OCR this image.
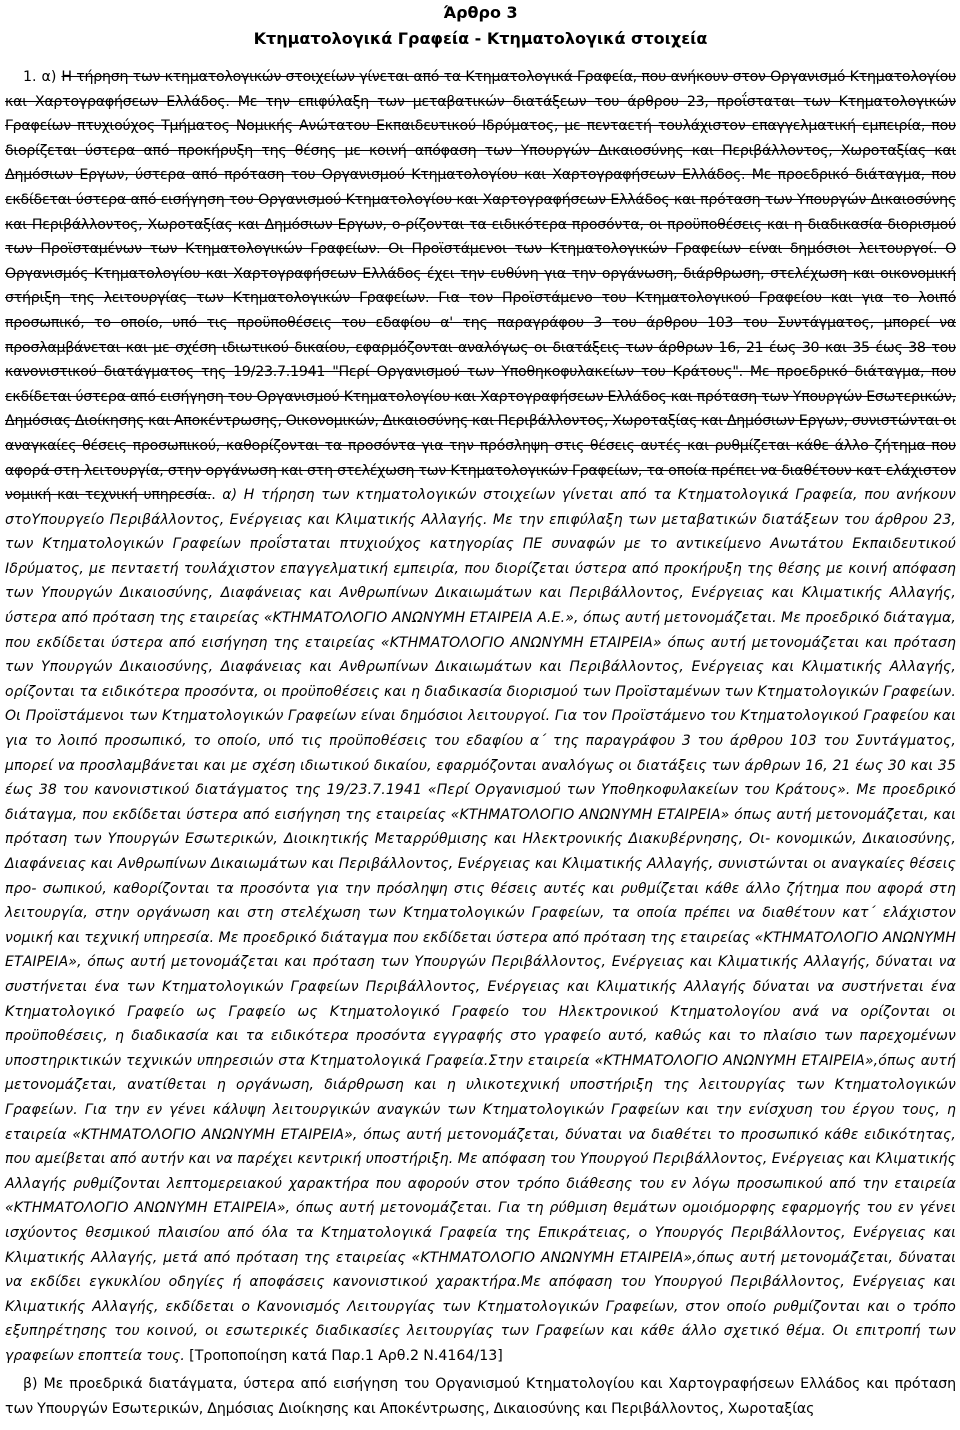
Άρθρο 3
Κτηματολογικά Γραφεία - Κτηματολογικά στοιχεία

1. α) Η τήρηση των κτηματολογικών στοιχείων γίνεται από τα Κτηματολογικά Γραφεία, που ανήκουν στον Οργανισμό Κτηματολογίου και Χαρτογραφήσεων Ελλάδος. Με την επιφύλαξη των μεταβατικών διατάξεων του άρθρου 23, προΐσταται των Κτηματολογικών Γραφείων πτυχιούχος Τμήματος Νομικής Ανώτατου Εκπαιδευτικού Ιδρύματος, με πενταετή τουλάχιστον επαγγελματική εμπειρία, που διορίζεται ύστερα από προκήρυξη της θέσης με κοινή απόφαση των Υπουργών Δικαιοσύνης και Περιβάλλοντος, Χωροταξίας και Δημόσιων Εργων, ύστερα από πρόταση του Οργανισμού Κτηματολογίου και Χαρτογραφήσεων Ελλάδος. Με προεδρικό διάταγμα, που εκδίδεται ύστερα από εισήγηση του Οργανισμού Κτηματολογίου και Χαρτογραφήσεων Ελλάδος και πρόταση των Υπουργών Δικαιοσύνης και Περιβάλλοντος, Χωροταξίας και Δημόσιων Εργων, ο-ρίζονται τα ειδικότερα προσόντα, οι προϋποθέσεις και η διαδικασία διορισμού των Προϊσταμένων των Κτηματολογικών Γραφείων. Οι Προϊστάμενοι των Κτηματολογικών Γραφείων είναι δημόσιοι λειτουργοί. Ο Οργανισμός Κτηματολογίου και Χαρτογραφήσεων Ελλάδος έχει την ευθύνη για την οργάνωση, διάρθρωση, στελέχωση και οικονομική στήριξη της λειτουργίας των Κτηματολογικών Γραφείων. Για τον Προϊστάμενο του Κτηματολογικού Γραφείου και για το λοιπό προσωπικό, το οποίο, υπό τις προϋποθέσεις του εδαφίου α' της παραγράφου 3 του άρθρου 103 του Συντάγματος, μπορεί να προσλαμβάνεται και με σχέση ιδιωτικού δικαίου, εφαρμόζονται αναλόγως οι διατάξεις των άρθρων 16, 21 έως 30 και 35 έως 38 του κανονιστικού διατάγματος της 19/23.7.1941 "Περί Οργανισμού των Υποθηκοφυλακείων του Κράτους". Με προεδρικό διάταγμα, που εκδίδεται ύστερα από εισήγηση του Οργανισμού Κτηματολογίου και Χαρτογραφήσεων Ελλάδος και πρόταση των Υπουργών Εσωτερικών, Δημόσιας Διοίκησης και Αποκέντρωσης, Οικονομικών, Δικαιοσύνης και Περιβάλλοντος, Χωροταξίας και Δημόσιων Εργων, συνιστώνται οι αναγκαίες θέσεις προσωπικού, καθορίζονται τα προσόντα για την πρόσληψη στις θέσεις αυτές και ρυθμίζεται κάθε άλλο ζήτημα που αφορά στη λειτουργία, στην οργάνωση και στη στελέχωση των Κτηματολογικών Γραφείων, τα οποία πρέπει να διαθέτουν κατ ελάχιστον νομική και τεχνική υπηρεσία.. α) Η τήρηση των κτηματολογικών στοιχείων γίνεται από τα Κτηματολογικά Γραφεία, που ανήκουν στοΥπουργείο Περιβάλλοντος, Ενέργειας και Κλιματικής Αλλαγής. Με την επιφύλαξη των μεταβατικών διατάξεων του άρθρου 23, των Κτηματολογικών Γραφείων προΐσταται πτυχιούχος κατηγορίας ΠΕ συναφών με το αντικείμενο Ανωτάτου Εκπαιδευτικού Ιδρύματος, με πενταετή τουλάχιστον επαγγελματική εμπειρία, που διορίζεται ύστερα από προκήρυξη της θέσης με κοινή απόφαση των Υπουργών Δικαιοσύνης, Διαφάνειας και Ανθρωπίνων Δικαιωμάτων και Περιβάλλοντος, Ενέργειας και Κλιματικής Αλλαγής, ύστερα από πρόταση της εταιρείας «ΚΤΗΜΑΤΟΛΟΓΙΟ ΑΝΩΝΥΜΗ ΕΤΑΙΡΕΙΑ Α.Ε.», όπως αυτή μετονομάζεται. Με προεδρικό διάταγμα, που εκδίδεται ύστερα από εισήγηση της εταιρείας «ΚΤΗΜΑΤΟΛΟΓΙΟ ΑΝΩΝΥΜΗ ΕΤΑΙΡΕΙΑ» όπως αυτή μετονομάζεται και πρόταση των Υπουργών Δικαιοσύνης, Διαφάνειας και Ανθρωπίνων Δικαιωμάτων και Περιβάλλοντος, Ενέργειας και Κλιματικής Αλλαγής, ορίζονται τα ειδικότερα προσόντα, οι προϋποθέσεις και η διαδικασία διορισμού των Προϊσταμένων των Κτηματολογικών Γραφείων. Οι Προϊστάμενοι των Κτηματολογικών Γραφείων είναι δημόσιοι λειτουργοί. Για τον Προϊστάμενο του Κτηματολογικού Γραφείου και για το λοιπό προσωπικό, το οποίο, υπό τις προϋποθέσεις του εδαφίου α΄ της παραγράφου 3 του άρθρου 103 του Συντάγματος, μπορεί να προσλαμβάνεται και με σχέση ιδιωτικού δικαίου, εφαρμόζονται αναλόγως οι διατάξεις των άρθρων 16, 21 έως 30 και 35 έως 38 του κανονιστικού διατάγματος της 19/23.7.1941 «Περί Οργανισμού των Υποθηκοφυλακείων του Κράτους». Με προεδρικό διάταγμα, που εκδίδεται ύστερα από εισήγηση της εταιρείας «ΚΤΗΜΑΤΟΛΟΓΙΟ ΑΝΩΝΥΜΗ ΕΤΑΙΡΕΙΑ» όπως αυτή μετονομάζεται, και πρόταση των Υπουργών Εσωτερικών, Διοικητικής Μεταρρύθμισης και Ηλεκτρονικής Διακυβέρνησης, Οι- κονομικών, Δικαιοσύνης, Διαφάνειας και Ανθρωπίνων Δικαιωμάτων και Περιβάλλοντος, Ενέργειας και Κλιματικής Αλλαγής, συνιστώνται οι αναγκαίες θέσεις προ- σωπικού, καθορίζονται τα προσόντα για την πρόσληψη στις θέσεις αυτές και ρυθμίζεται κάθε άλλο ζήτημα που αφορά στη λειτουργία, στην οργάνωση και στη στελέχωση των Κτηματολογικών Γραφείων, τα οποία πρέπει να διαθέτουν κατ΄ ελάχιστον νομική και τεχνική υπηρεσία. Με προεδρικό διάταγμα που εκδίδεται ύστερα από πρόταση της εταιρείας «ΚΤΗΜΑΤΟΛΟΓΙΟ ΑΝΩΝΥΜΗ ΕΤΑΙΡΕΙΑ», όπως αυτή μετονομάζεται και πρόταση των Υπουργών Περιβάλλοντος, Ενέργειας και Κλιματικής Αλλαγής, δύναται να συστήνεται ένα των Κτηματολογικών Γραφείων Περιβάλλοντος, Ενέργειας και Κλιματικής Αλλαγής δύναται να συστήνεται ένα Κτηματολογικό Γραφείο ως Γραφείο ως Κτηματολογικό Γραφείο του Ηλεκτρονικού Κτηματολογίου ανά να ορίζονται οι προϋποθέσεις, η διαδικασία και τα ειδικότερα προσόντα εγγραφής στο γραφείο αυτό, καθώς και το πλαίσιο των παρεχομένων υποστηρικτικών τεχνικών υπηρεσιών στα Κτηματολογικά Γραφεία.Στην εταιρεία «ΚΤΗΜΑΤΟΛΟΓΙΟ ΑΝΩΝΥΜΗ ΕΤΑΙΡΕΙΑ»,όπως αυτή μετονομάζεται, ανατίθεται η οργάνωση, διάρθρωση και η υλικοτεχνική υποστήριξη της λειτουργίας των Κτηματολογικών Γραφείων. Για την εν γένει κάλυψη λειτουργικών αναγκών των Κτηματολογικών Γραφείων και την ενίσχυση του έργου τους, η εταιρεία «ΚΤΗΜΑΤΟΛΟΓΙΟ ΑΝΩΝΥΜΗ ΕΤΑΙΡΕΙΑ», όπως αυτή μετονομάζεται, δύναται να διαθέτει το προσωπικό κάθε ειδικότητας, που αμείβεται από αυτήν και να παρέχει κεντρική υποστήριξη. Με απόφαση του Υπουργού Περιβάλλοντος, Ενέργειας και Κλιματικής Αλλαγής ρυθμίζονται λεπτομερειακού χαρακτήρα που αφορούν στον τρόπο διάθεσης του εν λόγω προσωπικού από την εταιρεία «ΚΤΗΜΑΤΟΛΟΓΙΟ ΑΝΩΝΥΜΗ ΕΤΑΙΡΕΙΑ», όπως αυτή μετονομάζεται. Για τη ρύθμιση θεμάτων ομοιόμορφης εφαρμογής του εν γένει ισχύοντος θεσμικού πλαισίου από όλα τα Κτηματολογικά Γραφεία της Επικράτειας, ο Υπουργός Περιβάλλοντος, Ενέργειας και Κλιματικής Αλλαγής, μετά από πρόταση της εταιρείας «ΚΤΗΜΑΤΟΛΟΓΙΟ ΑΝΩΝΥΜΗ ΕΤΑΙΡΕΙΑ»,όπως αυτή μετονομάζεται, δύναται να εκδίδει εγκυκλίου οδηγίες ή αποφάσεις κανονιστικού χαρακτήρα.Με απόφαση του Υπουργού Περιβάλλοντος, Ενέργειας και Κλιματικής Αλλαγής, εκδίδεται ο Κανονισμός Λειτουργίας των Κτηματολογικών Γραφείων, στον οποίο ρυθμίζονται και ο τρόπο εξυπηρέτησης του κοινού, οι εσωτερικές διαδικασίες λειτουργίας των Γραφείων και κάθε άλλο σχετικό θέμα. Οι επιτροπή των γραφείων εποπτεία τους. [Τροποποίηση κατά Παρ.1 Αρθ.2 Ν.4164/13]

β) Με προεδρικά διατάγματα, ύστερα από εισήγηση του Οργανισμού Κτηματολογίου και Χαρτογραφήσεων Ελλάδος και πρόταση των Υπουργών Εσωτερικών, Δημόσιας Διοίκησης και Αποκέντρωσης, Δικαιοσύνης και Περιβάλλοντος, Χωροταξίας
